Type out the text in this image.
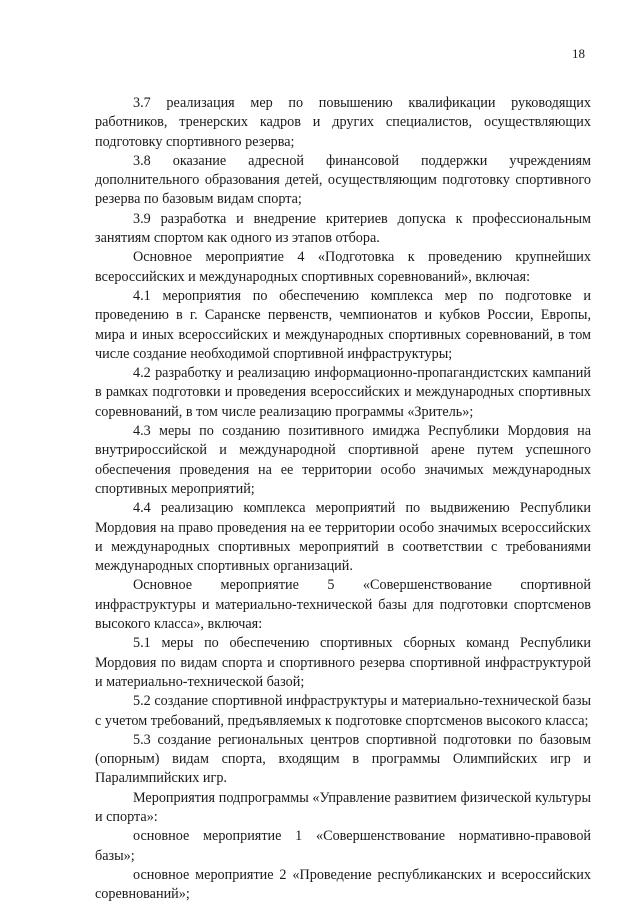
18

3.7 реализация мер по повышению квалификации руководящих работников, тренерских кадров и других специалистов, осуществляющих подготовку спортивного резерва;

3.8 оказание адресной финансовой поддержки учреждениям дополнительного образования детей, осуществляющим подготовку спортивного резерва по базовым видам спорта;

3.9 разработка и внедрение критериев допуска к профессиональным занятиям спортом как одного из этапов отбора.

Основное мероприятие 4 «Подготовка к проведению крупнейших всероссийских и международных спортивных соревнований», включая:

4.1 мероприятия по обеспечению комплекса мер по подготовке и проведению в г. Саранске первенств, чемпионатов и кубков России, Европы, мира и иных всероссийских и международных спортивных соревнований, в том числе создание необходимой спортивной инфраструктуры;

4.2 разработку и реализацию информационно-пропагандистских кампаний в рамках подготовки и проведения всероссийских и международных спортивных соревнований, в том числе реализацию программы «Зритель»;

4.3 меры по созданию позитивного имиджа Республики Мордовия на внутрироссийской и международной спортивной арене путем успешного обеспечения проведения на ее территории особо значимых международных спортивных мероприятий;

4.4 реализацию комплекса мероприятий по выдвижению Республики Мордовия на право проведения на ее территории особо значимых всероссийских и международных спортивных мероприятий в соответствии с требованиями международных спортивных организаций.

Основное мероприятие 5 «Совершенствование спортивной инфраструктуры и материально-технической базы для подготовки спортсменов высокого класса», включая:

5.1 меры по обеспечению спортивных сборных команд Республики Мордовия по видам спорта и спортивного резерва спортивной инфраструктурой и материально-технической базой;

5.2 создание спортивной инфраструктуры и материально-технической базы с учетом требований, предъявляемых к подготовке спортсменов высокого класса;

5.3 создание региональных центров спортивной подготовки по базовым (опорным) видам спорта, входящим в программы Олимпийских игр и Паралимпийских игр.

Мероприятия подпрограммы «Управление развитием физической культуры и спорта»:

основное мероприятие 1 «Совершенствование нормативно-правовой базы»;

основное мероприятие 2 «Проведение республиканских и всероссийских соревнований»;
